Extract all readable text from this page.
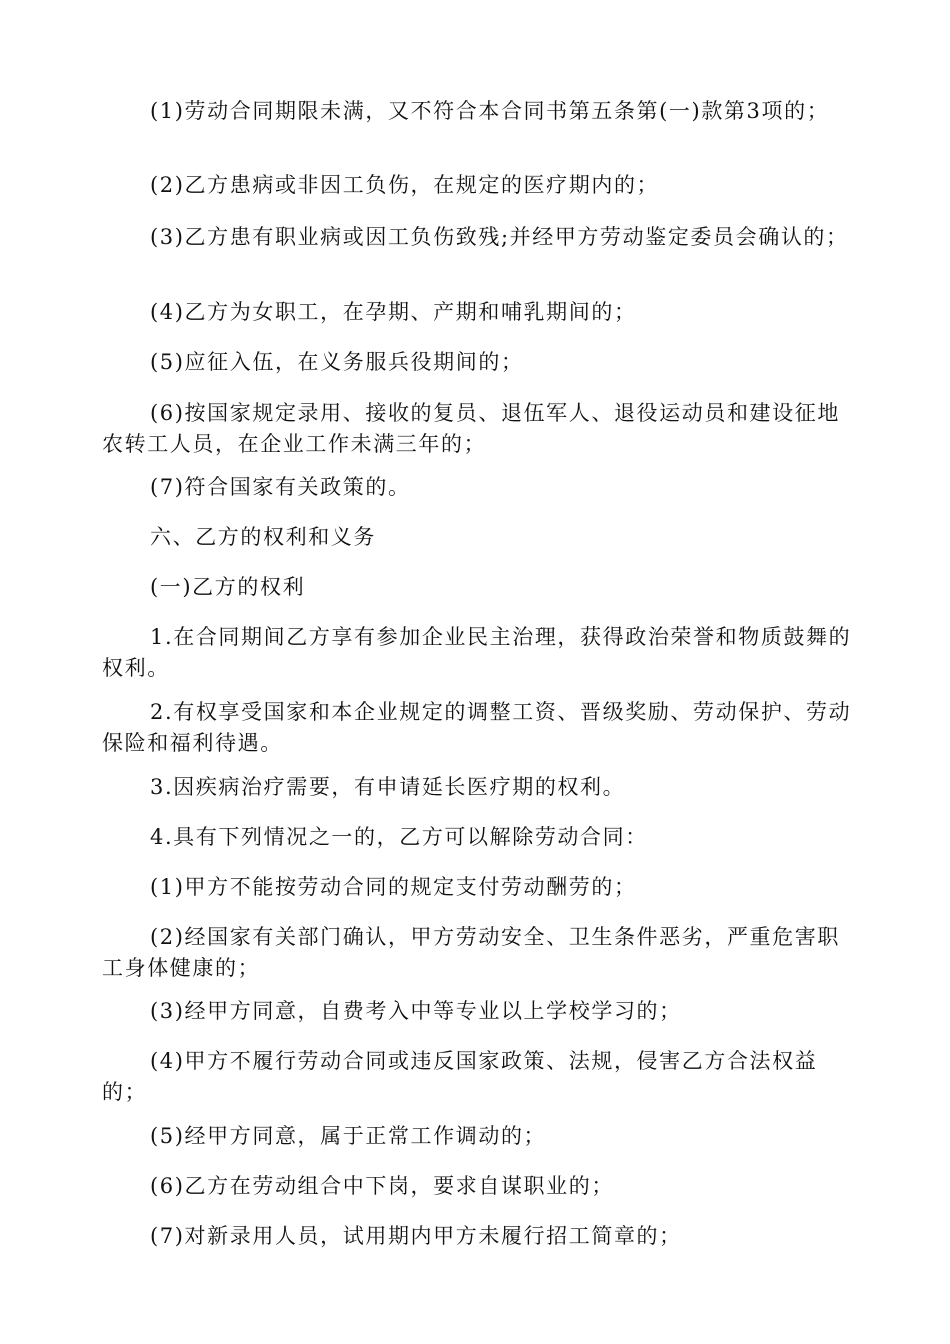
(1)劳动合同期限未满，又不符合本合同书第五条第(一)款第3项的；

(2)乙方患病或非因工负伤，在规定的医疗期内的；

(3)乙方患有职业病或因工负伤致残;并经甲方劳动鉴定委员会确认的；

(4)乙方为女职工，在孕期、产期和哺乳期间的；

(5)应征入伍，在义务服兵役期间的；

(6)按国家规定录用、接收的复员、退伍军人、退役运动员和建设征地农转工人员，在企业工作未满三年的；

(7)符合国家有关政策的。

六、乙方的权利和义务

(一)乙方的权利

1.在合同期间乙方享有参加企业民主治理，获得政治荣誉和物质鼓舞的权利。

2.有权享受国家和本企业规定的调整工资、晋级奖励、劳动保护、劳动保险和福利待遇。

3.因疾病治疗需要，有申请延长医疗期的权利。

4.具有下列情况之一的，乙方可以解除劳动合同：

(1)甲方不能按劳动合同的规定支付劳动酬劳的；

(2)经国家有关部门确认，甲方劳动安全、卫生条件恶劣，严重危害职工身体健康的；

(3)经甲方同意，自费考入中等专业以上学校学习的；

(4)甲方不履行劳动合同或违反国家政策、法规，侵害乙方合法权益的；

(5)经甲方同意，属于正常工作调动的；

(6)乙方在劳动组合中下岗，要求自谋职业的；

(7)对新录用人员，试用期内甲方未履行招工简章的；
